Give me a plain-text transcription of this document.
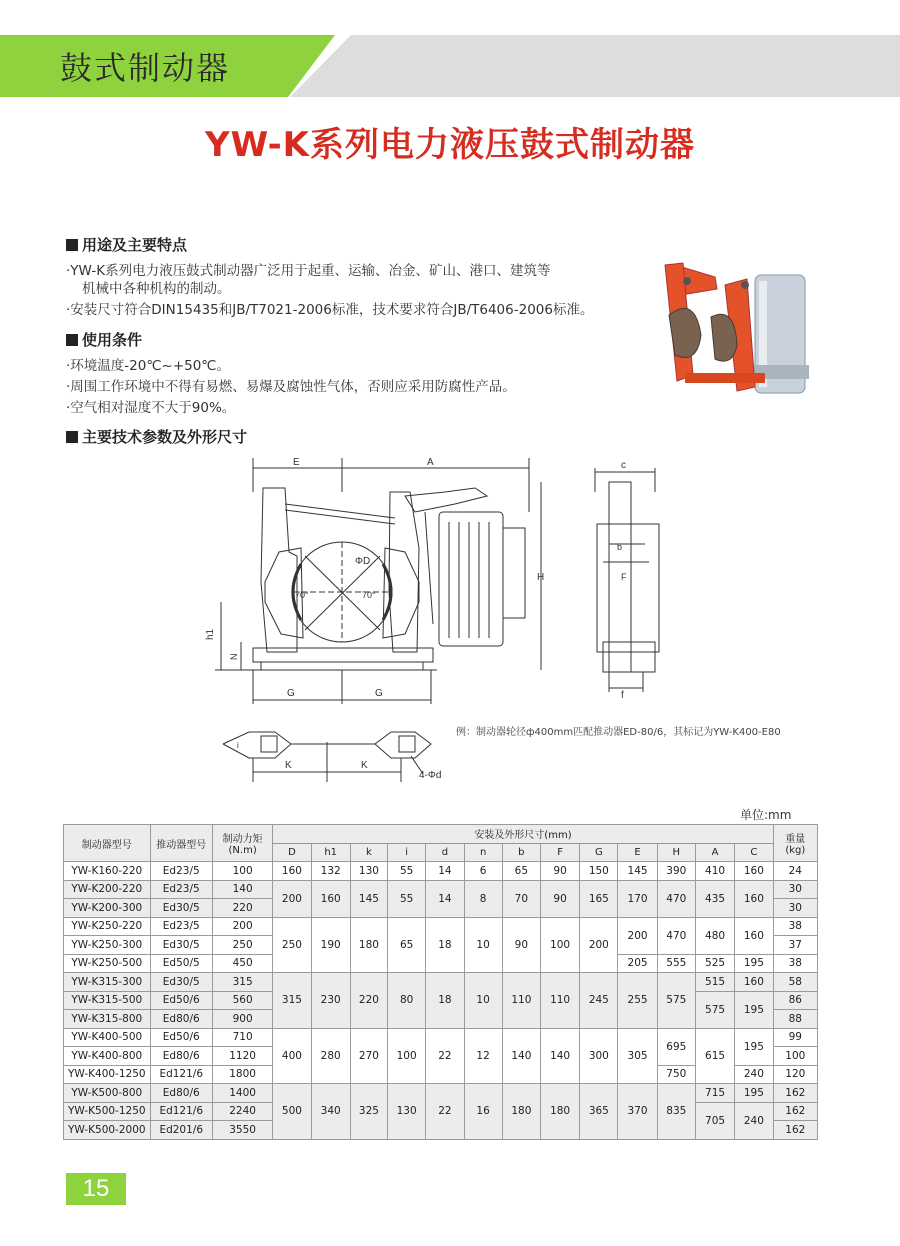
鼓式制动器
YW-K系列电力液压鼓式制动器
用途及主要特点
·YW-K系列电力液压鼓式制动器广泛用于起重、运输、冶金、矿山、港口、建筑等
机械中各种机构的制动。
·安装尺寸符合DIN15435和JB/T7021-2006标准，技术要求符合JB/T6406-2006标准。
使用条件
·环境温度-20℃~+50℃。
·周围工作环境中不得有易燃、易爆及腐蚀性气体，否则应采用防腐性产品。
·空气相对湿度不大于90%。
主要技术参数及外形尺寸
E	A
ΦD
70°	70°
h1
N
H
G	G
K	K
i
4-Φd
c
b
F
f
例：制动器轮径ф400mm匹配推动器ED-80/6，其标记为YW-K400-E80
单位:mm
制动器型号	推动器型号	制动力矩
(N.m)	安装及外形尺寸(mm)													重量
(kg)
			D	h1	k	i	d	n	b	F	G	E	H	A	C	
YW-K160-220	Ed23/5	100	160	132	130	55	14	6	65	90	150	145	390	410	160	24
YW-K200-220	Ed23/5	140	200	160	145	55	14	8	70	90	165	170	470	435	160	30
YW-K200-300	Ed30/5	220														30
YW-K250-220	Ed23/5	200	250	190	180	65	18	10	90	100	200	200	470	480	160	38
YW-K250-300	Ed30/5	250														37
YW-K250-500	Ed50/5	450										205	555	525	195	38
YW-K315-300	Ed30/5	315	315	230	220	80	18	10	110	110	245	255	575	515	160	58
YW-K315-500	Ed50/6	560												575	195	86
YW-K315-800	Ed80/6	900														88
YW-K400-500	Ed50/6	710	400	280	270	100	22	12	140	140	300	305	695	615	195	99
YW-K400-800	Ed80/6	1120														100
YW-K400-1250	Ed121/6	1800											750		240	120
YW-K500-800	Ed80/6	1400	500	340	325	130	22	16	180	180	365	370	835	715	195	162
YW-K500-1250	Ed121/6	2240												705	240	162
YW-K500-2000	Ed201/6	3550														162
15
